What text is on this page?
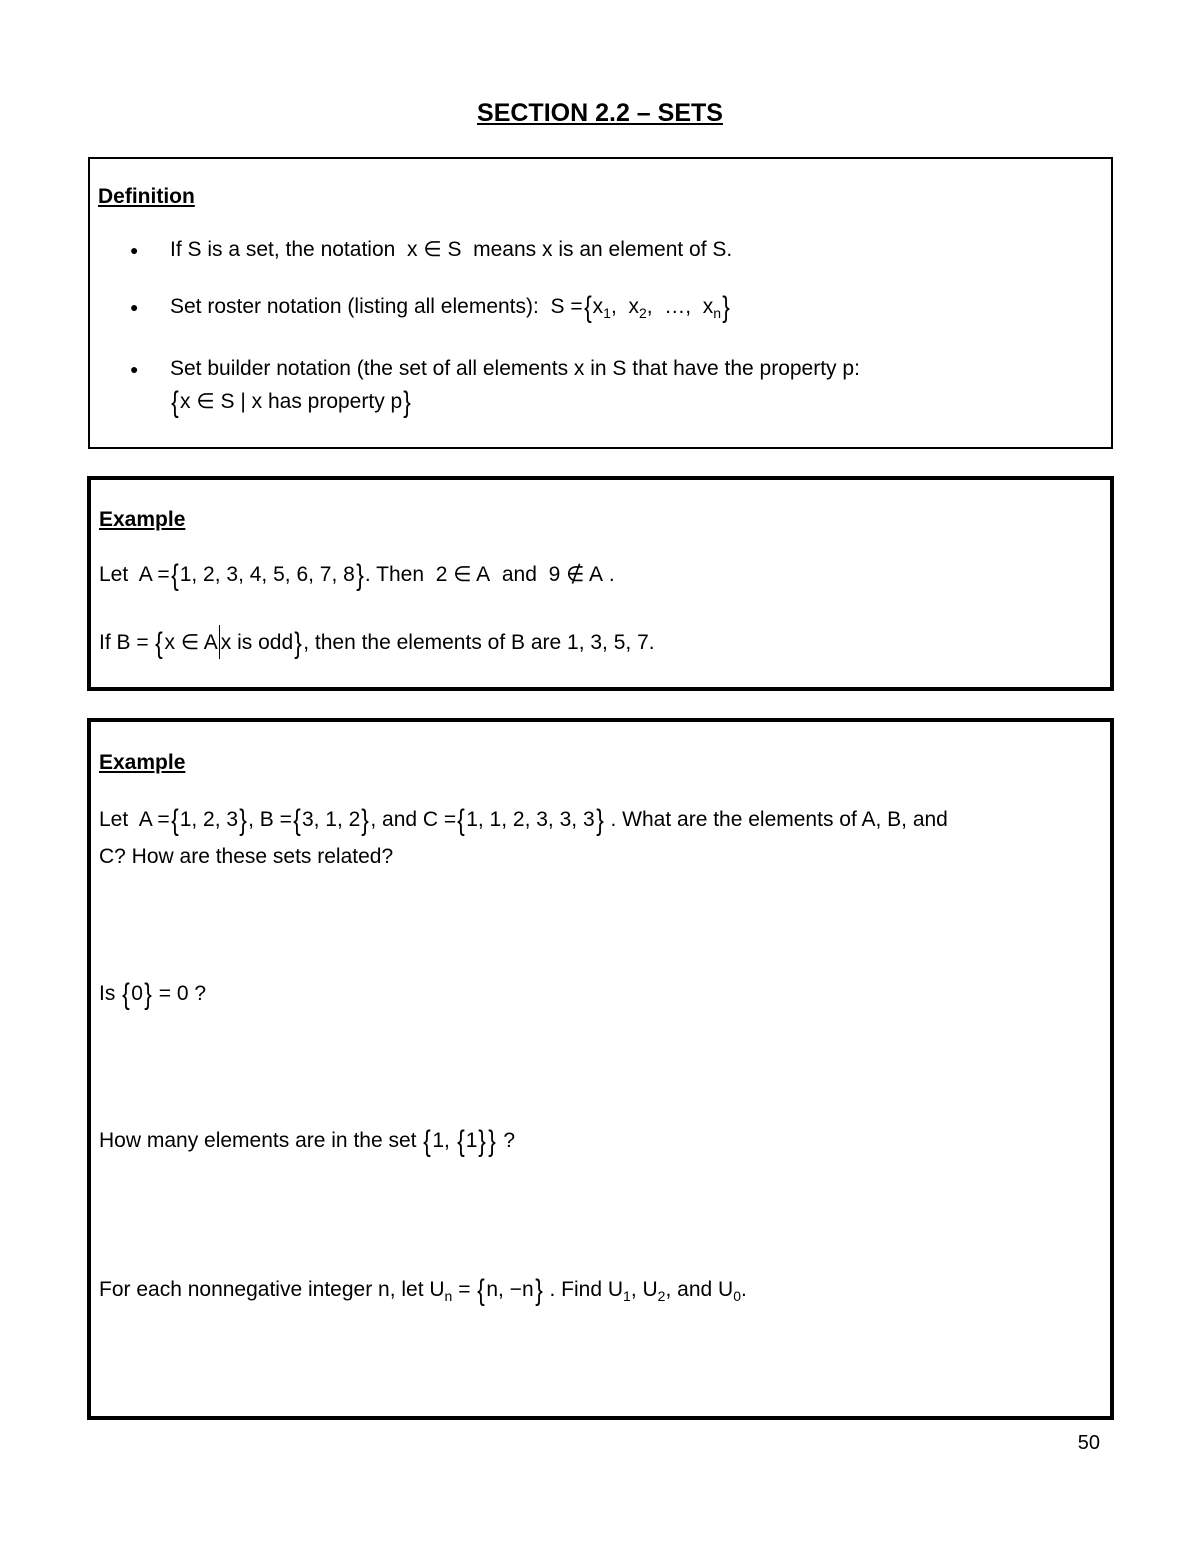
SECTION 2.2 – SETS
Definition
● If S is a set, the notation x ∈ S means x is an element of S.
● Set roster notation (listing all elements): $S =\{x_1$,  $x_2$,  …, $x_n$}
● Set builder notation (the set of all elements x in S that have the property p:
{x ∈ S | x has property p}
Example
Let A ={1, 2, 3, 4, 5, 6, 7, 8}. Then 2 ∈ A and 9 ∉ A .
If B = {x ∈ A x is odd}, then the elements of B are 1, 3, 5, 7.
Example
Let A ={1, 2, 3}, B ={3, 1, 2}, and C ={1, 1, 2, 3, 3, 3} . What are the elements of A, B, and
C? How are these sets related?
Is {0} = 0 ?
How many elements are in the set {1, {1}} ?
For each nonnegative integer n, let $U_n = \{n$, −n} . Find $U_1$, $U_2$, and $U_0$.
50
